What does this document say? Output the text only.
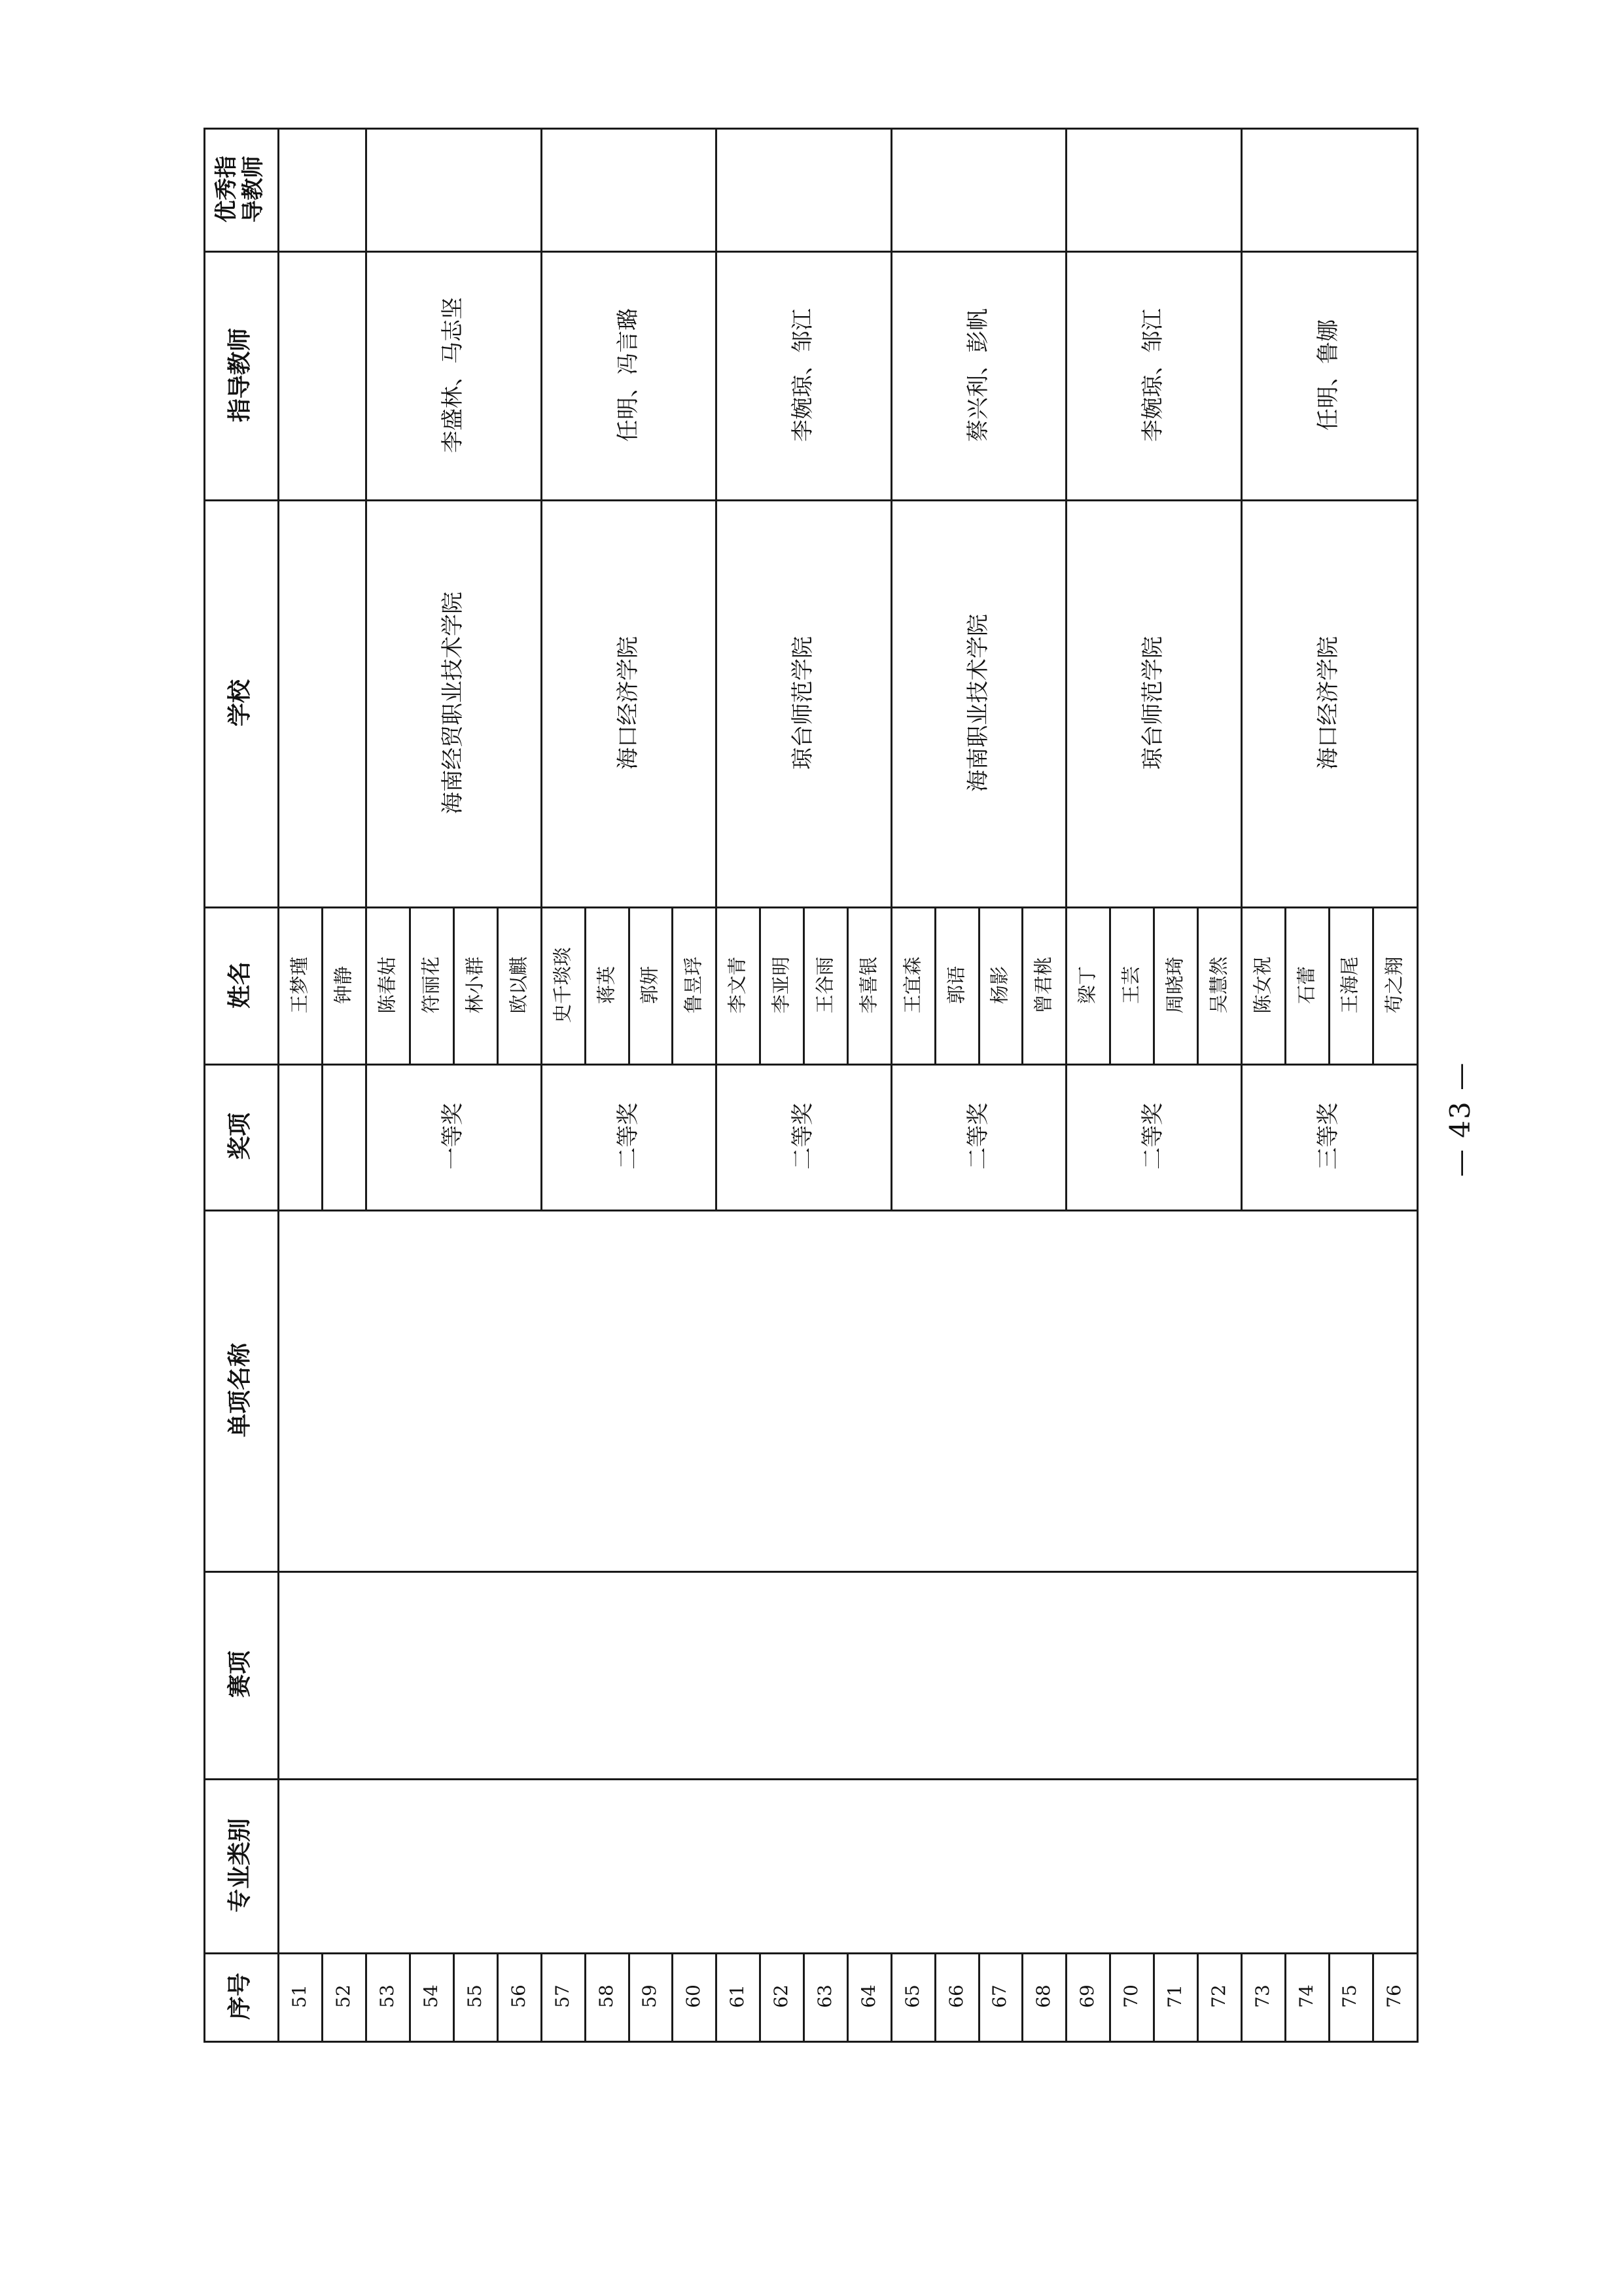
优秀指导教师
指导教师
学校
姓名
奖项
单项名称
赛项
专业类别
序号 51 52 53 54 55 56 57 58 59 60 61 62 63 64 65 66 67 68 69 70 71 72 73 74 75 76
王梦瑾 钟静 陈春姑 符丽花 林小群 欧以麒 史千琰琰 蒋英 郭妍 鲁昱琈 李文青 李亚明 王谷雨 李喜银 王宜森 郭语 杨影 曾君桃 梁丁 王芸 周晓琦 吴慧然 陈女祝 石蕾 王海尾 苟之翔
一等奖
海南经贸职业技术学院
李盛林、马志坚
二等奖
海口经济学院
任明、冯言璐
二等奖
琼台师范学院
李婉琼、邹江
二等奖
海南职业技术学院
蔡兴利、彭帆
二等奖
琼台师范学院
李婉琼、邹江
三等奖
海口经济学院
任明、鲁娜
— 43 —
